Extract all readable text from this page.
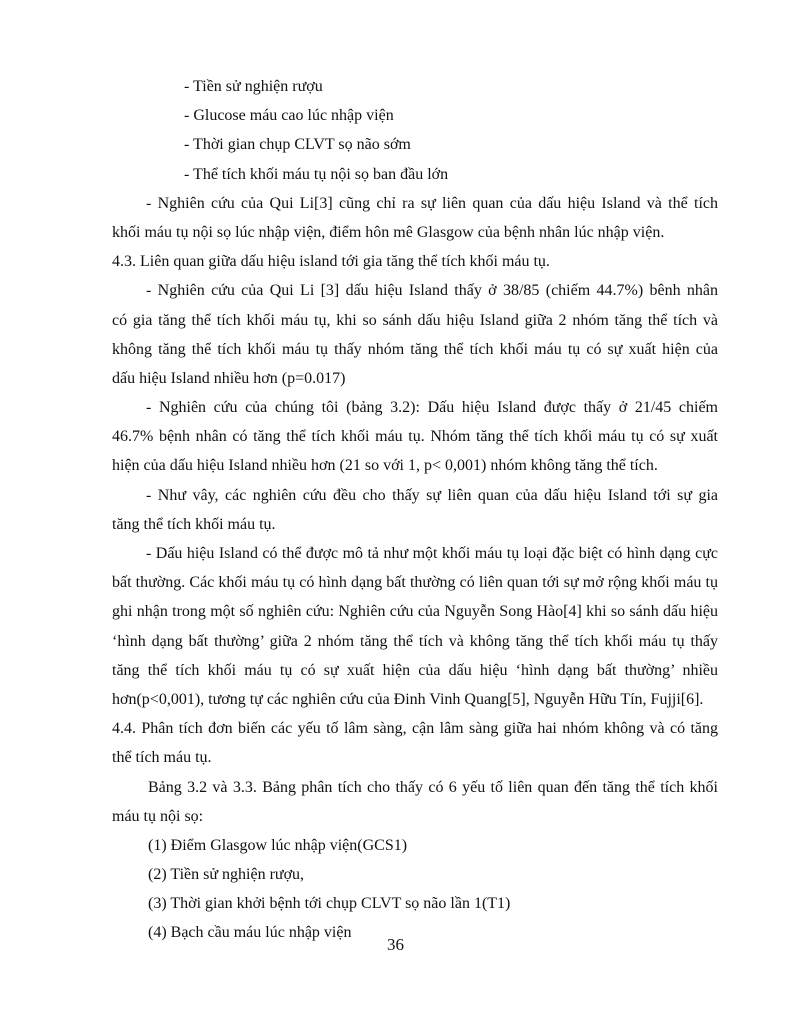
- Tiền sử nghiện rượu
- Glucose máu cao lúc nhập viện
- Thời gian chụp CLVT sọ não sớm
- Thể tích khối máu tụ nội sọ ban đầu lớn
- Nghiên cứu của Qui Li[3] cũng chỉ ra sự liên quan của dấu hiệu Island và thể tích
khối máu tụ nội sọ lúc nhập viện, điểm hôn mê Glasgow của bệnh nhân lúc nhập viện.
4.3. Liên quan giữa dấu hiệu island tới gia tăng thể tích khối máu tụ.
- Nghiên cứu của Qui Li [3] dấu hiệu Island thấy ở 38/85 (chiếm 44.7%) bênh nhân
có gia tăng thể tích khối máu tụ, khi so sánh dấu hiệu Island giữa 2 nhóm tăng thể tích và
không tăng thể tích khối máu tụ thấy nhóm tăng thể tích khối máu tụ có sự xuất hiện của
dấu hiệu Island nhiều hơn (p=0.017)
- Nghiên cứu của chúng tôi (bảng 3.2): Dấu hiệu Island được thấy ở 21/45 chiếm
46.7% bệnh nhân có tăng thể tích khối máu tụ. Nhóm tăng thể tích khối máu tụ có sự xuất
hiện của dấu hiệu Island nhiều hơn (21 so với 1, p< 0,001) nhóm không tăng thể tích.
- Như vây, các nghiên cứu đều cho thấy sự liên quan của dấu hiệu Island tới sự gia
tăng thể tích khối máu tụ.
- Dấu hiệu Island có thể được mô tả như một khối máu tụ loại đặc biệt có hình dạng cực
bất thường. Các khối máu tụ có hình dạng bất thường có liên quan tới sự mở rộng khối máu tụ
ghi nhận trong một số nghiên cứu: Nghiên cứu của Nguyễn Song Hào[4] khi so sánh dấu hiệu
‘hình dạng bất thường’ giữa 2 nhóm tăng thể tích và không tăng thể tích khối máu tụ thấy
tăng thể tích khối máu tụ có sự xuất hiện của dấu hiệu ‘hình dạng bất thường’ nhiều
hơn(p<0,001), tương tự các nghiên cứu của Đinh Vinh Quang[5], Nguyễn Hữu Tín, Fujji[6].
4.4. Phân tích đơn biến các yếu tố lâm sàng, cận lâm sàng giữa hai nhóm không và có tăng
thể tích máu tụ.
Bảng 3.2 và 3.3. Bảng phân tích cho thấy có 6 yếu tố liên quan đến tăng thể tích khối
máu tụ nội sọ:
(1) Điểm Glasgow lúc nhập viện(GCS1)
(2) Tiền sử nghiện rượu,
(3) Thời gian khởi bệnh tới chụp CLVT sọ não lần 1(T1)
(4) Bạch cầu máu lúc nhập viện
36
